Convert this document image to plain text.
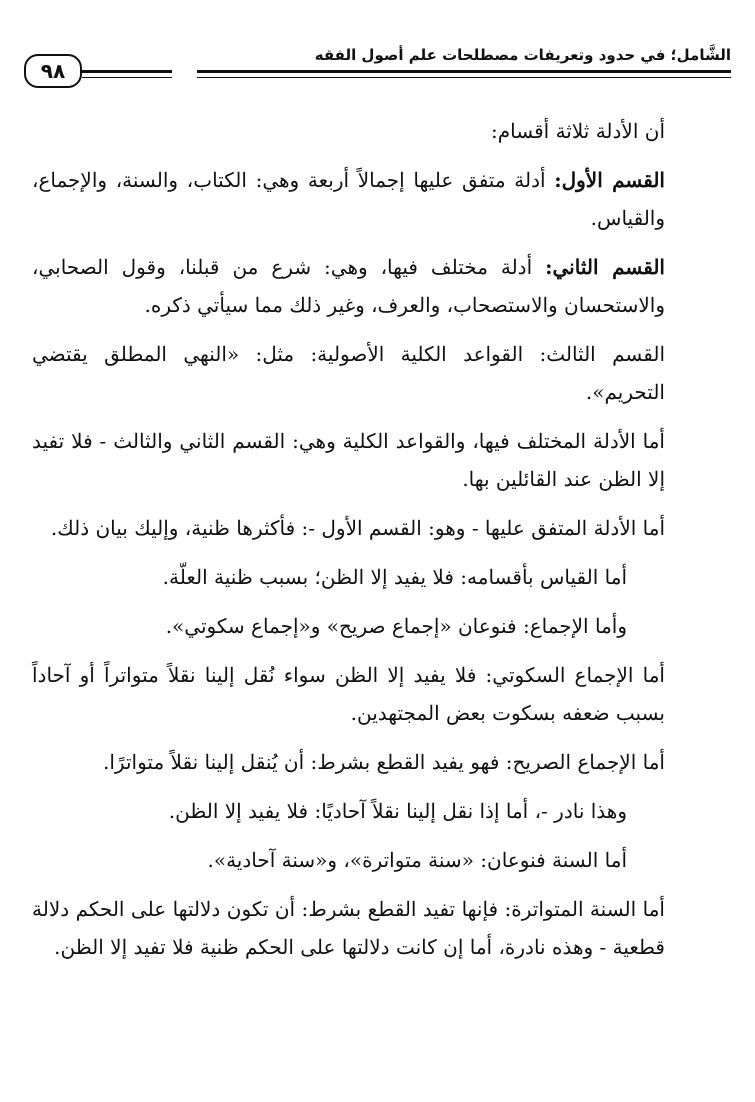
الشَّامل؛ في حدود وتعريفات مصطلحات علم أصول الفقه
٩٨

أن الأدلة ثلاثة أقسام:

القسم الأول: أدلة متفق عليها إجمالاً أربعة وهي: الكتاب، والسنة، والإجماع، والقياس.

القسم الثاني: أدلة مختلف فيها، وهي: شرع من قبلنا، وقول الصحابي، والاستحسان والاستصحاب، والعرف، وغير ذلك مما سيأتي ذكره.

القسم الثالث: القواعد الكلية الأصولية: مثل: «النهي المطلق يقتضي التحريم».

أما الأدلة المختلف فيها، والقواعد الكلية وهي: القسم الثاني والثالث - فلا تفيد إلا الظن عند القائلين بها.

أما الأدلة المتفق عليها - وهو: القسم الأول -: فأكثرها ظنية، وإليك بيان ذلك.

أما القياس بأقسامه: فلا يفيد إلا الظن؛ بسبب ظنية العلّة.

وأما الإجماع: فنوعان «إجماع صريح» و«إجماع سكوتي».

أما الإجماع السكوتي: فلا يفيد إلا الظن سواء نُقل إلينا نقلاً متواتراً أو آحاداً بسبب ضعفه بسكوت بعض المجتهدين.

أما الإجماع الصريح: فهو يفيد القطع بشرط: أن يُنقل إلينا نقلاً متواترًا.

وهذا نادر -، أما إذا نقل إلينا نقلاً آحاديًا: فلا يفيد إلا الظن.

أما السنة فنوعان: «سنة متواترة»، و«سنة آحادية».

أما السنة المتواترة: فإنها تفيد القطع بشرط: أن تكون دلالتها على الحكم دلالة قطعية - وهذه نادرة، أما إن كانت دلالتها على الحكم ظنية فلا تفيد إلا الظن.
